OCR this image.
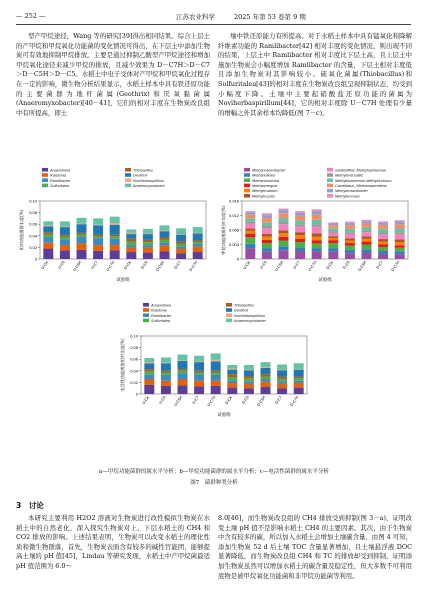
— 252 —	江苏农业科学	2025 年第 53 卷第 9 期

型产甲烷途径，Wang 等的研究[39]得出相同结果。综合上层土的产甲烷和甲烷氧化功能菌的变化情况可得出，在下层土中添加生物炭可有效地抑制甲烷排放。主要是通过抑制乙酸型产甲烷途径和增加甲烷氧化途径来减少甲烷的排放，且减少效果为 D－C7H＞D－C7＞D－C5H＞D－C5。水稻土中电子受体对产甲烷和甲烷氧化过程存在一定的影响，微生物分析结果显示，水稻土样本中具有铁还原功能的主要菌群为地杆菌属(Geothrix)和厌氧黏菌属(Anaeromyxobacter)[40－41]，它们的相对丰度在生物炭改良组中有所提高，即土

壤中铁还原能力有所提高。对于水稻土样本中具有锰氧化和降解纤维素功能的 Ramlibacter[42] 相对丰度的变化情况，则出现不同的结果，上层土中 Ramlibacter 相对丰度比下层土高，且上层土中施加生物炭会小幅度增加 Ramlibacter 的含量，下层土相对丰度低且添加生物炭对其影响较小。硫氧化菌属(Thiobacillus)和 Sulfuritalea[43]的相对丰度在生物炭改良组呈现抑制状态，均受到小幅度下降。土壤中主要起硝酸盐还原功能的菌属为 Noviherbaspirillum[44]，它的相对丰度除 U－C7H 处理有少量的增幅之外其余样本均降低(图 7－c)。

Anaerolinea
Ralstonia
Ramlibacter
Sulfuritalea
Thiobacillus
Geothrix
Noviherbaspirillum
Anaeromyxobacter
0
0.02
0.04
0.06
0.08
0.10
相对功能菌群丰度(%)
U-CK U-C5 U-C5H U-C7 U-C7H D-CK D-C5 D-C5H D-C7 D-C7H
试验组
Methanobrevibacter
Methanolinea
Methanosarcina
Methanoregula
Methylocaldum
Methylocystis
unidentified_Methylophilaceae
Methyloversatilis
Methylobacterium-Methylorubrum
Candidatus_Methanoperedens
Methyloceanibacter
Methylomonas
0
0.004
0.008
0.012
0.016
甲烷功能菌群相对丰度(%)
U-CK U-C5 U-C5H U-C7 U-C7H D-CK D-C5 D-C5H D-C7 D-C7H
试验组
Anaerolinea
Ralstonia
Ramlibacter
Sulfuritalea
Thiobacillus
Geothrix
Noviherbaspirillum
Anaeromyxobacter
0
0.02
0.04
0.06
0.08
0.10
电活性功能菌群相对丰度(%)
U-CK U-C5 U-C5H U-C7 U-C7H D-CK D-C5 D-C5H D-C7 D-C7H
试验组
a—甲烷功能菌群的属水平分析；b—甲烷功能菌群的属水平分析；c—电活性菌群的属水平分析
图7　菌群种类分析
3　讨论

本研究主要利用 H2O2 溶液对生物炭进行改性模拟生物炭在水稻土中的自然老化，深入探究生物炭对上、下层水稻土的 CH4 和 CO2 排放的影响。上述结果表明，生物炭可以改变水稻土的理化性质和微生物群落，首先，生物炭表面含有较多的碱性官能团，能够提高土壤的 pH 值[45]，Lindau 等研究发现，水稻土中产甲烷菌最适 pH 值范围为 6.0～

8.0[46]，而生物炭改良组的 CH4 排放受到抑制(图 3－a)，证明改变土壤 pH 值不是影响水稻土 CH4 的主要因素。其次，由于生物炭中含有较多的碳，所以加入水稻土会增加土壤碳含量，由图 4 可知，添加生物炭 52 d 后土壤 TOC 含量显著增加，且土壤悬浮液 DOC 显著降低，而生物炭改良组 CH4 和 TC 的排放却受到抑制，证明添加生物炭虽然可以增加水稻土的碳含量及稳定性，但大多数不可利用底物是被甲烷氧化功能菌和非甲烷功能菌等利用。
